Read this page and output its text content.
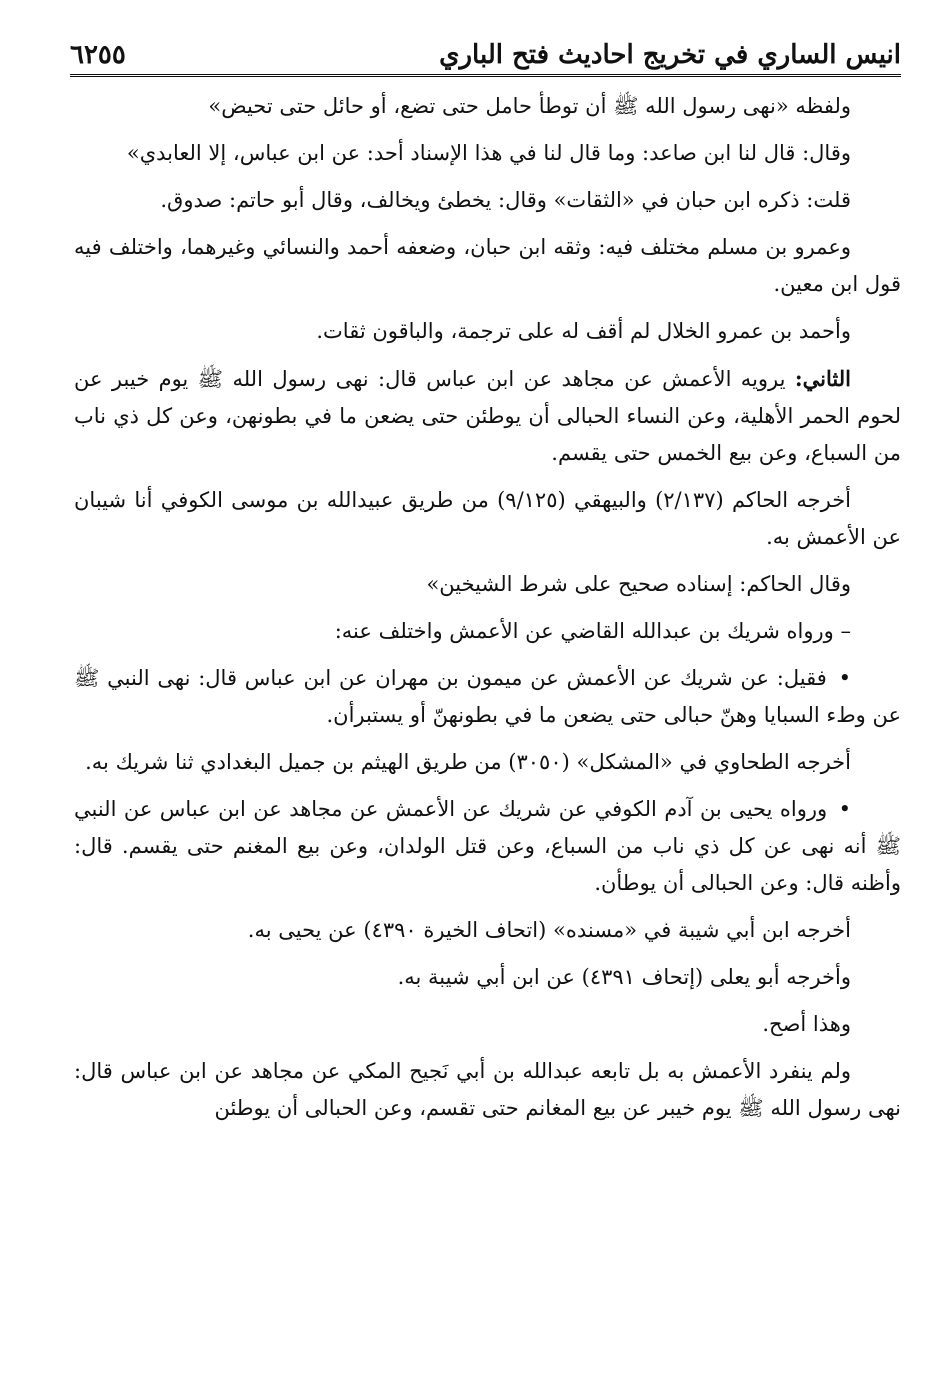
انيس الساري في تخريج احاديث فتح الباري
٦٢٥٥

ولفظه «نهى رسول الله ﷺ أن توطأ حامل حتى تضع، أو حائل حتى تحيض»

وقال: قال لنا ابن صاعد: وما قال لنا في هذا الإسناد أحد: عن ابن عباس، إلا العابدي»

قلت: ذكره ابن حبان في «الثقات» وقال: يخطئ ويخالف، وقال أبو حاتم: صدوق.

وعمرو بن مسلم مختلف فيه: وثقه ابن حبان، وضعفه أحمد والنسائي وغيرهما، واختلف فيه قول ابن معين.

وأحمد بن عمرو الخلال لم أقف له على ترجمة، والباقون ثقات.

الثاني: يرويه الأعمش عن مجاهد عن ابن عباس قال: نهى رسول الله ﷺ يوم خيبر عن لحوم الحمر الأهلية، وعن النساء الحبالى أن يوطئن حتى يضعن ما في بطونهن، وعن كل ذي ناب من السباع، وعن بيع الخمس حتى يقسم.

أخرجه الحاكم (٢/١٣٧) والبيهقي (٩/١٢٥) من طريق عبيدالله بن موسى الكوفي أنا شيبان عن الأعمش به.

وقال الحاكم: إسناده صحيح على شرط الشيخين»

– ورواه شريك بن عبدالله القاضي عن الأعمش واختلف عنه:

• فقيل: عن شريك عن الأعمش عن ميمون بن مهران عن ابن عباس قال: نهى النبي ﷺ عن وطء السبايا وهنّ حبالى حتى يضعن ما في بطونهنّ أو يستبرأن.

أخرجه الطحاوي في «المشكل» (٣٠٥٠) من طريق الهيثم بن جميل البغدادي ثنا شريك به.

• ورواه يحيى بن آدم الكوفي عن شريك عن الأعمش عن مجاهد عن ابن عباس عن النبي ﷺ أنه نهى عن كل ذي ناب من السباع، وعن قتل الولدان، وعن بيع المغنم حتى يقسم. قال: وأظنه قال: وعن الحبالى أن يوطأن.

أخرجه ابن أبي شيبة في «مسنده» (اتحاف الخيرة ٤٣٩٠) عن يحيى به.

وأخرجه أبو يعلى (إتحاف ٤٣٩١) عن ابن أبي شيبة به.

وهذا أصح.

ولم ينفرد الأعمش به بل تابعه عبدالله بن أبي نَجيح المكي عن مجاهد عن ابن عباس قال: نهى رسول الله ﷺ يوم خيبر عن بيع المغانم حتى تقسم، وعن الحبالى أن يوطئن
